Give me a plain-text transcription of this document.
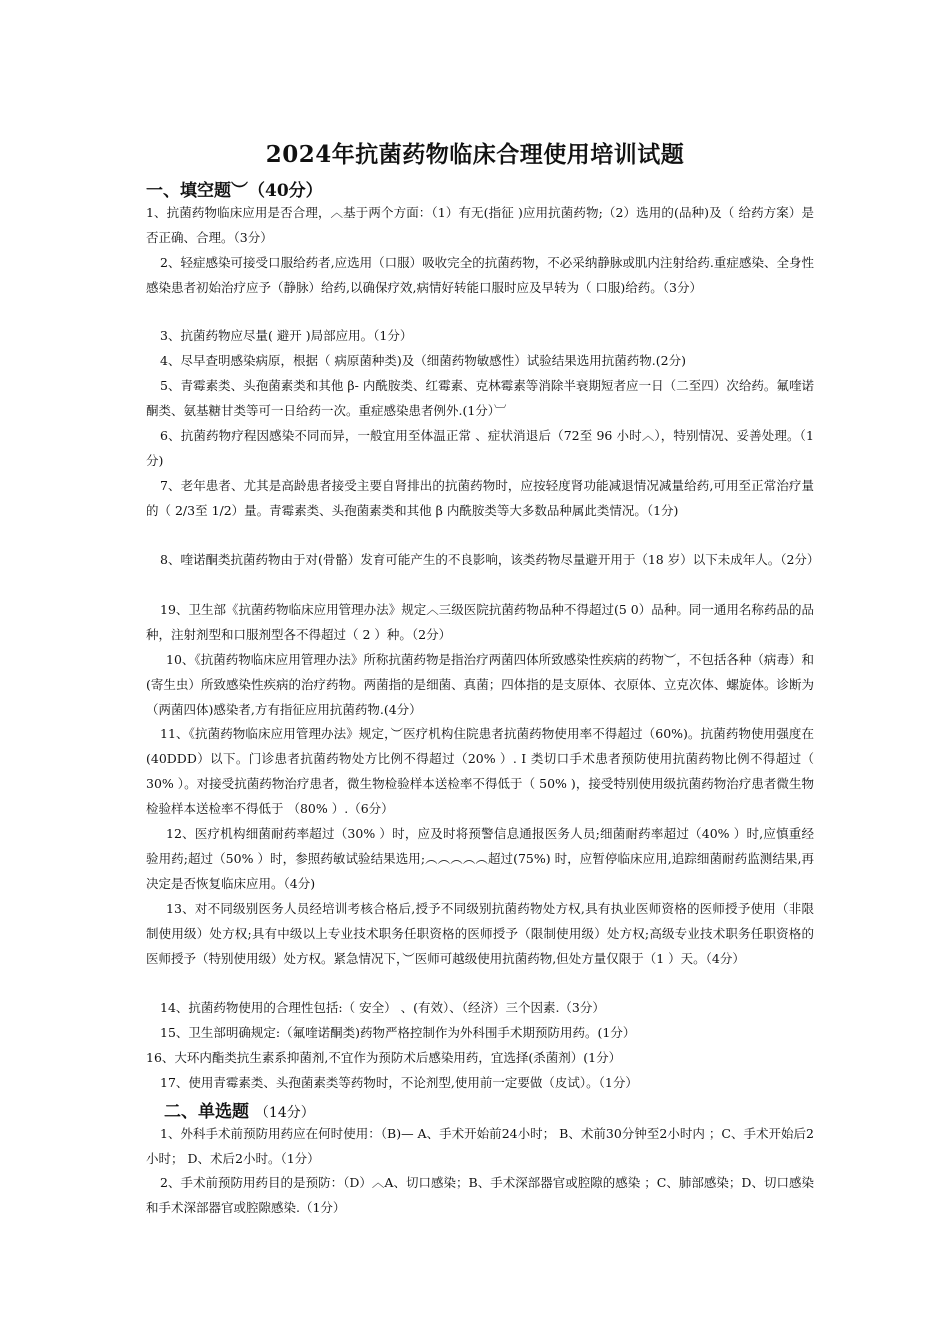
2024年抗菌药物临床合理使用培训试题
一、填空题︶（40分）
1、抗菌药物临床应用是否合理，︿基于两个方面：（1）有无(指征 )应用抗菌药物;（2）选用的(品种)及（ 给药方案）是否正确、合理。（3分）
2、轻症感染可接受口服给药者,应选用（口服）吸收完全的抗菌药物，不必采纳静脉或肌内注射给药.重症感染、全身性感染患者初始治疗应予（静脉）给药,以确保疗效,病情好转能口服时应及早转为（ 口服)给药。（3分）
3、抗菌药物应尽量( 避开 )局部应用。（1分）
4、尽早查明感染病原，根据（ 病原菌种类)及（细菌药物敏感性）试验结果选用抗菌药物.(2分)
5、青霉素类、头孢菌素类和其他 β- 内酰胺类、红霉素、克林霉素等消除半衰期短者应一日（二至四）次给药。氟喹诺酮类、氨基糖甘类等可一日给药一次。重症感染患者例外.(1分）︺
6、抗菌药物疗程因感染不同而异，一般宜用至体温正常 、症状消退后（72至 96 小时︿），特别情况、妥善处理。（1分)
7、老年患者、尤其是高龄患者接受主要自肾排出的抗菌药物时，应按轻度肾功能减退情况减量给药,可用至正常治疗量的（ 2/3至 1/2）量。青霉素类、头孢菌素类和其他 β 内酰胺类等大多数品种属此类情况。（1分)
8、喹诺酮类抗菌药物由于对(骨骼）发育可能产生的不良影响，该类药物尽量避开用于（18 岁）以下未成年人。（2分）
19、卫生部《抗菌药物临床应用管理办法》规定︿三级医院抗菌药物品种不得超过(5 0）品种。同一通用名称药品的品种，注射剂型和口服剂型各不得超过（ 2 ）种。（2分）
10、《抗菌药物临床应用管理办法》所称抗菌药物是指治疗两菌四体所致感染性疾病的药物︶，不包括各种（病毒）和(寄生虫）所致感染性疾病的治疗药物。两菌指的是细菌、真菌；四体指的是支原体、衣原体、立克次体、螺旋体。诊断为（两菌四体)感染者,方有指征应用抗菌药物.(4分）
11、《抗菌药物临床应用管理办法》规定，︶医疗机构住院患者抗菌药物使用率不得超过（60%)。抗菌药物使用强度在(40DDD）以下。门诊患者抗菌药物处方比例不得超过（20% ）. Ⅰ 类切口手术患者预防使用抗菌药物比例不得超过（ 30% ）。对接受抗菌药物治疗患者，微生物检验样本送检率不得低于（ 50% )，接受特别使用级抗菌药物治疗患者微生物检验样本送检率不得低于 （80% ）.（6分）
12、医疗机构细菌耐药率超过（30% ）时，应及时将预警信息通报医务人员;细菌耐药率超过（40% ）时,应慎重经验用药;超过（50% ）时，参照药敏试验结果选用;︵︵︵︵︵超过(75%) 时，应暂停临床应用,追踪细菌耐药监测结果,再决定是否恢复临床应用。（4分)
13、对不同级别医务人员经培训考核合格后,授予不同级别抗菌药物处方权,具有执业医师资格的医师授予使用（非限制使用级）处方权;具有中级以上专业技术职务任职资格的医师授予（限制使用级）处方权;高级专业技术职务任职资格的医师授予（特别使用级）处方权。紧急情况下，︶医师可越级使用抗菌药物,但处方量仅限于（1 ）天。（4分）
14、抗菌药物使用的合理性包括:（ 安全） 、(有效）、（经济）三个因素.（3分）
15、卫生部明确规定:（氟喹诺酮类)药物严格控制作为外科围手术期预防用药。(1分）
16、大环内酯类抗生素系抑菌剂,不宜作为预防术后感染用药，宜选择(杀菌剂）(1分）
17、使用青霉素类、头孢菌素类等药物时，不论剂型,使用前一定要做（皮试）。（1分）
二、单选题 （14分）
1、外科手术前预防用药应在何时使用：（B)— A、手术开始前24小时； B、术前30分钟至2小时内 ；C、手术开始后2小时； D、术后2小时。（1分）
2、手术前预防用药目的是预防：（D）︿A、切口感染；B、手术深部器官或腔隙的感染 ；C、肺部感染；D、切口感染和手术深部器官或腔隙感染.（1分）
